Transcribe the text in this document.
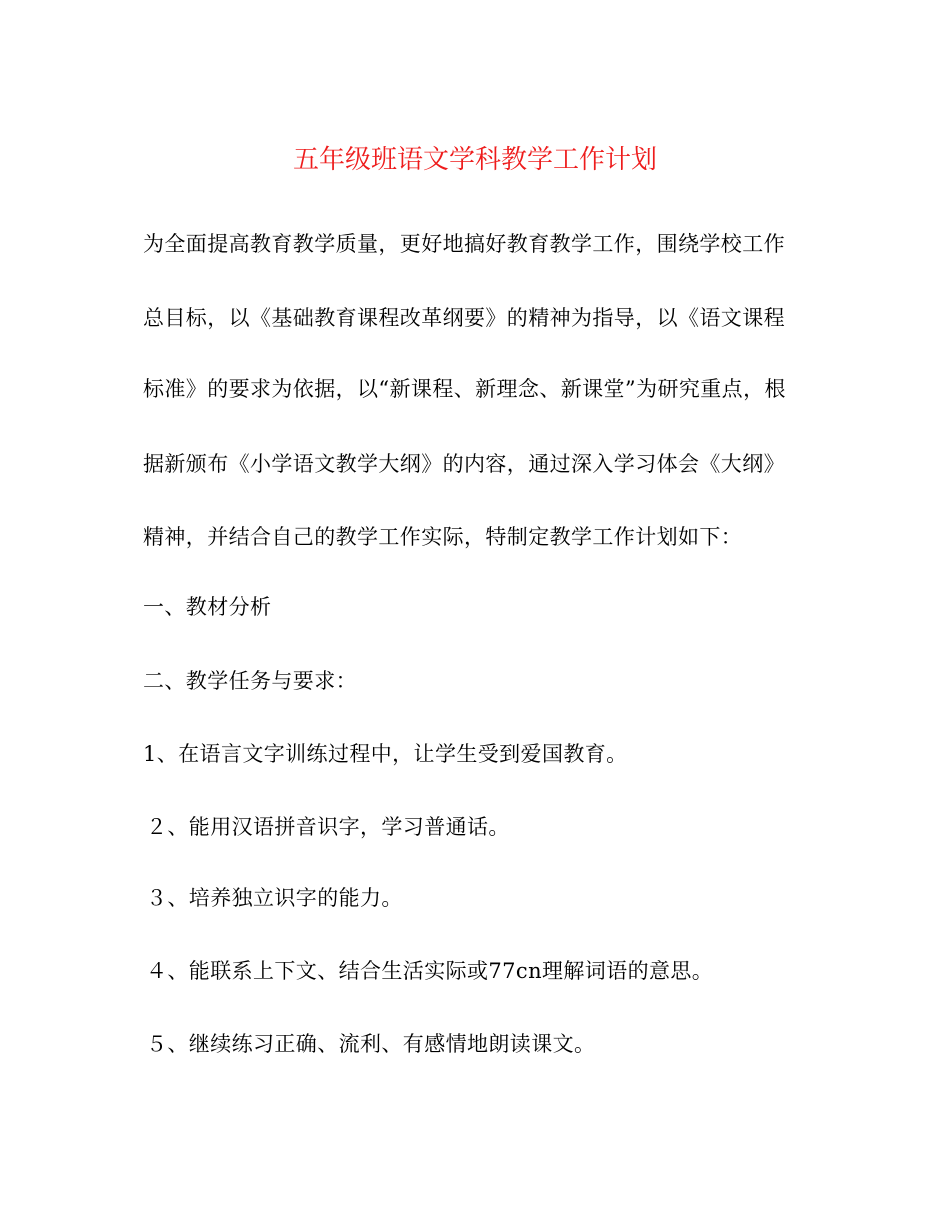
五年级班语文学科教学工作计划
为全面提高教育教学质量，更好地搞好教育教学工作，围绕学校工作
总目标，以《基础教育课程改革纲要》的精神为指导，以《语文课程
标准》的要求为依据，以“新课程、新理念、新课堂”为研究重点，根
据新颁布《小学语文教学大纲》的内容，通过深入学习体会《大纲》
精神，并结合自己的教学工作实际，特制定教学工作计划如下：
一、教材分析
二、教学任务与要求：
1、在语言文字训练过程中，让学生受到爱国教育。
２、能用汉语拼音识字，学习普通话。
３、培养独立识字的能力。
４、能联系上下文、结合生活实际或77cn理解词语的意思。
５、继续练习正确、流利、有感情地朗读课文。
